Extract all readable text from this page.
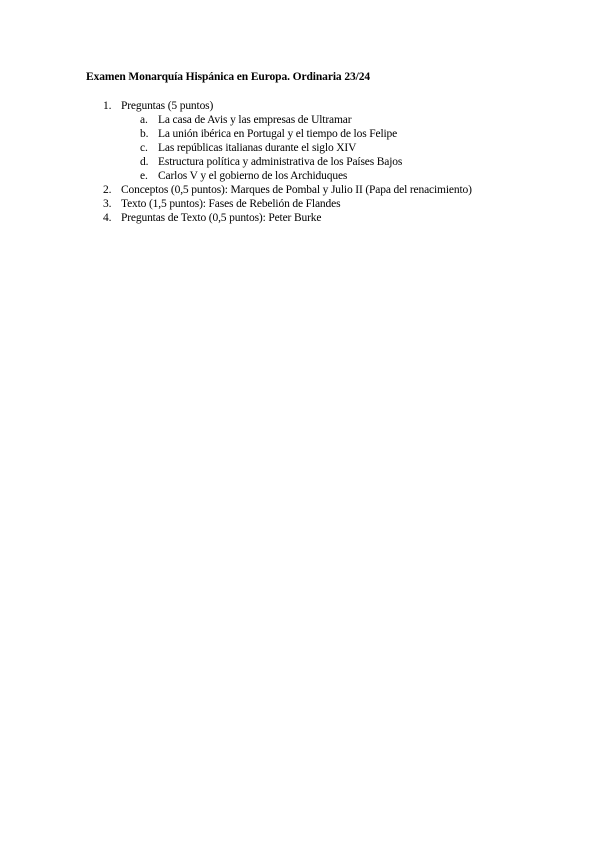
Examen Monarquía Hispánica en Europa. Ordinaria 23/24
1. Preguntas (5 puntos)
a. La casa de Avis y las empresas de Ultramar
b. La unión ibérica en Portugal y el tiempo de los Felipe
c. Las repúblicas italianas durante el siglo XIV
d. Estructura política y administrativa de los Países Bajos
e. Carlos V y el gobierno de los Archiduques
2. Conceptos (0,5 puntos): Marques de Pombal y Julio II (Papa del renacimiento)
3. Texto (1,5 puntos): Fases de Rebelión de Flandes
4. Preguntas de Texto (0,5 puntos): Peter Burke
